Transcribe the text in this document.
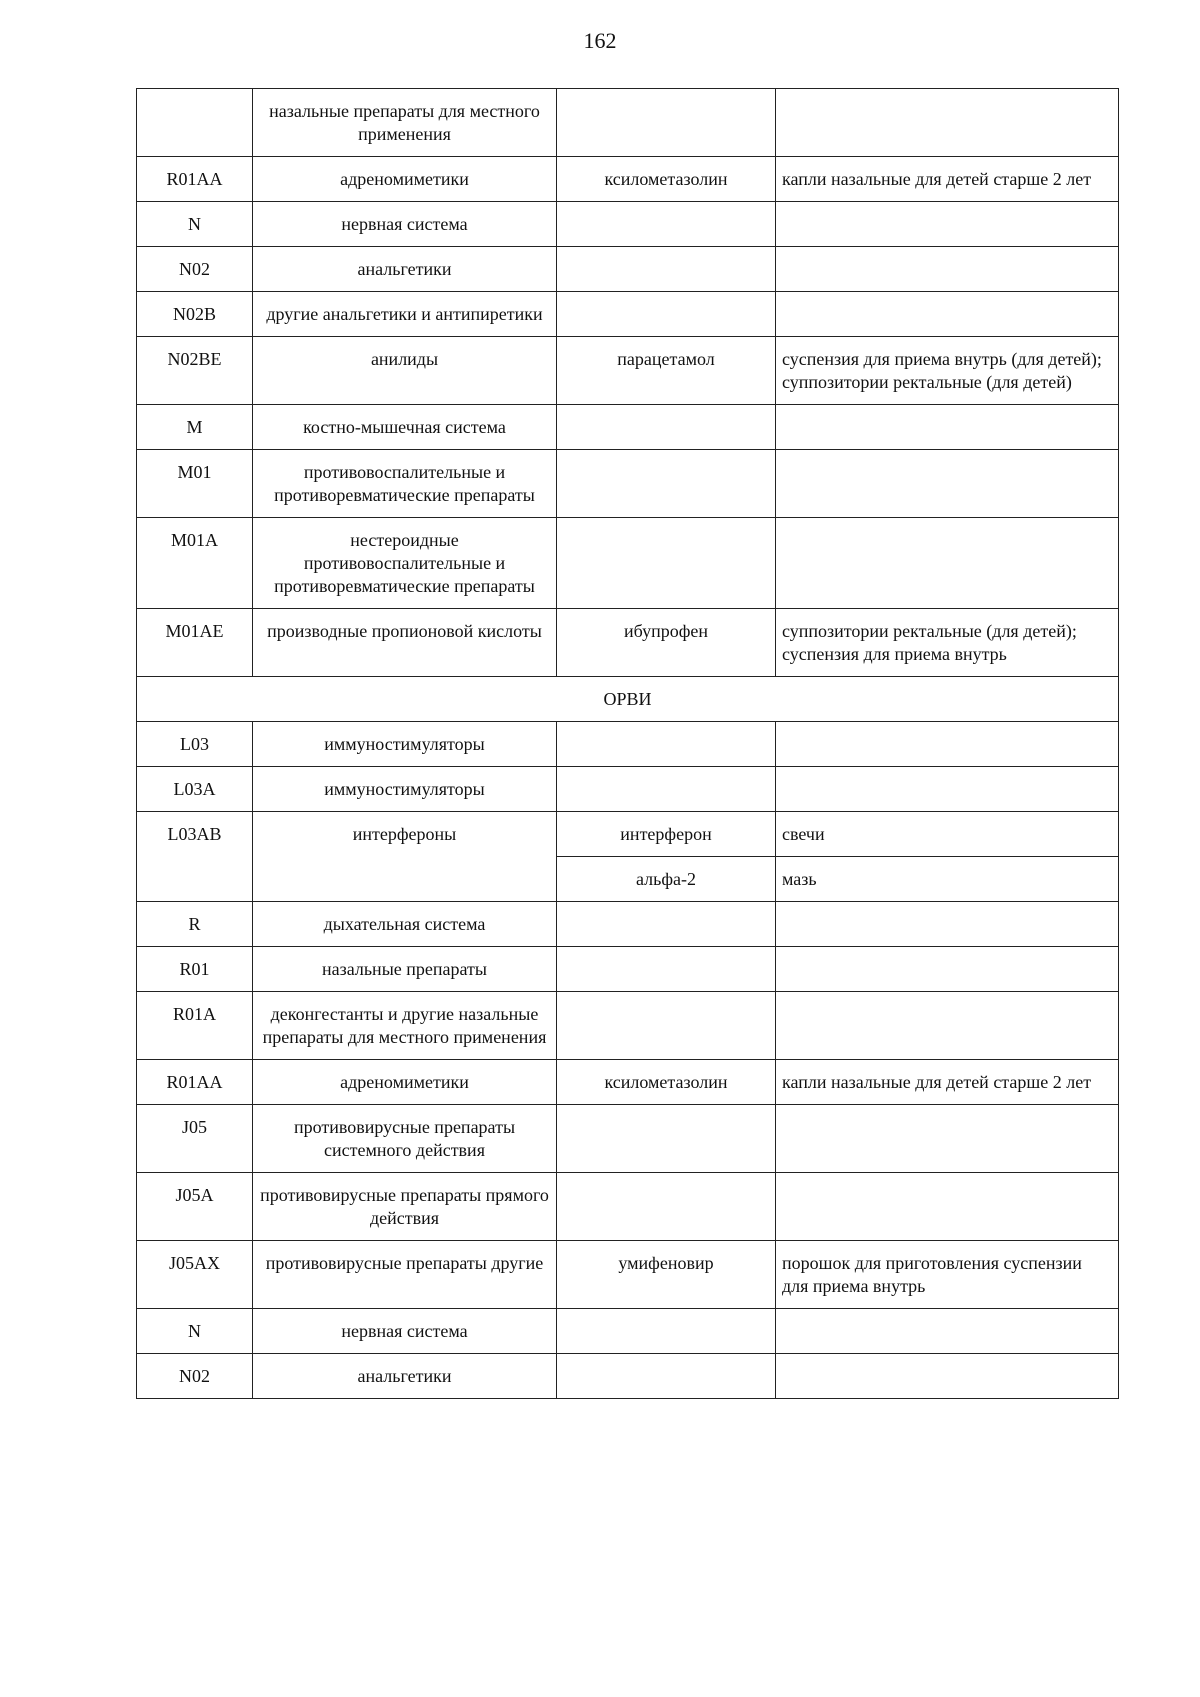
162
	назальные препараты для местного применения		
R01AA	адреномиметики	ксилометазолин	капли назальные для детей старше 2 лет
N	нервная система		
N02	анальгетики		
N02B	другие анальгетики и антипиретики		
N02BE	анилиды	парацетамол	суспензия для приема внутрь (для детей);
суппозитории ректальные (для детей)
M	костно-мышечная система		
M01	противовоспалительные и противоревматические препараты		
M01A	нестероидные противовоспалительные и противоревматические препараты		
M01AE	производные пропионовой кислоты	ибупрофен	суппозитории ректальные (для детей);
суспензия для приема внутрь
ОРВИ			
L03	иммуностимуляторы		
L03A	иммуностимуляторы		
L03AB	интерфероны	интерферон	свечи
		альфа-2	мазь
R	дыхательная система		
R01	назальные препараты		
R01A	деконгестанты и другие назальные препараты для местного применения		
R01AA	адреномиметики	ксилометазолин	капли назальные для детей старше 2 лет
J05	противовирусные препараты системного действия		
J05A	противовирусные препараты прямого действия		
J05AX	противовирусные препараты другие	умифеновир	порошок для приготовления суспензии для приема внутрь
N	нервная система		
N02	анальгетики		
